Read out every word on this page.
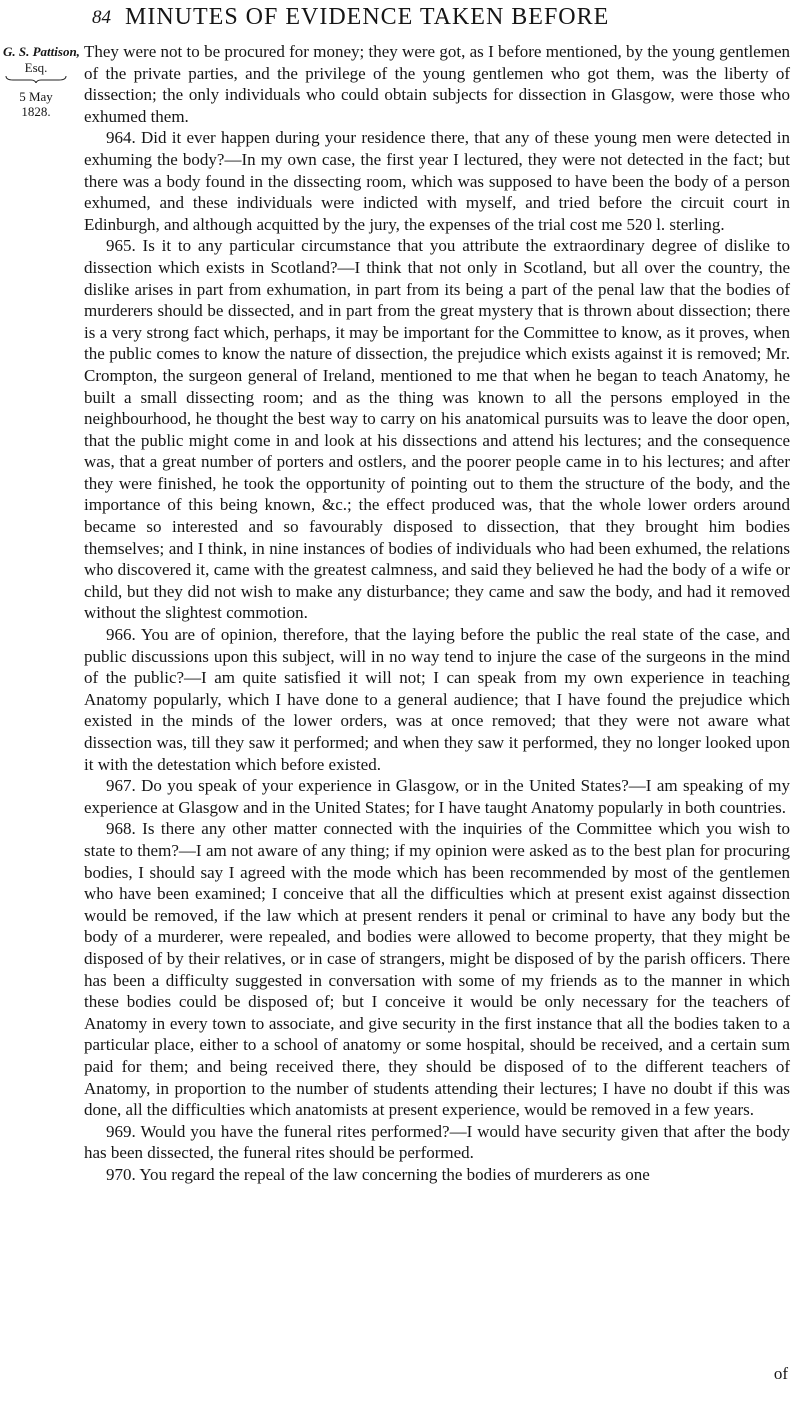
84 MINUTES OF EVIDENCE TAKEN BEFORE
G. S. Pattison,
Esq.
5 May
1828.

They were not to be procured for money; they were got, as I before mentioned, by the young gentlemen of the private parties, and the privilege of the young gentlemen who got them, was the liberty of dissection; the only individuals who could obtain subjects for dissection in Glasgow, were those who exhumed them.

964. Did it ever happen during your residence there, that any of these young men were detected in exhuming the body?—In my own case, the first year I lectured, they were not detected in the fact; but there was a body found in the dissecting room, which was supposed to have been the body of a person exhumed, and these individuals were indicted with myself, and tried before the circuit court in Edinburgh, and although acquitted by the jury, the expenses of the trial cost me 520 l. sterling.

965. Is it to any particular circumstance that you attribute the extraordinary degree of dislike to dissection which exists in Scotland?—I think that not only in Scotland, but all over the country, the dislike arises in part from exhumation, in part from its being a part of the penal law that the bodies of murderers should be dissected, and in part from the great mystery that is thrown about dissection; there is a very strong fact which, perhaps, it may be important for the Committee to know, as it proves, when the public comes to know the nature of dissection, the prejudice which exists against it is removed; Mr. Crompton, the surgeon general of Ireland, mentioned to me that when he began to teach Anatomy, he built a small dissecting room; and as the thing was known to all the persons employed in the neighbourhood, he thought the best way to carry on his anatomical pursuits was to leave the door open, that the public might come in and look at his dissections and attend his lectures; and the consequence was, that a great number of porters and ostlers, and the poorer people came in to his lectures; and after they were finished, he took the opportunity of pointing out to them the structure of the body, and the importance of this being known, &c.; the effect produced was, that the whole lower orders around became so interested and so favourably disposed to dissection, that they brought him bodies themselves; and I think, in nine instances of bodies of individuals who had been exhumed, the relations who discovered it, came with the greatest calmness, and said they believed he had the body of a wife or child, but they did not wish to make any disturbance; they came and saw the body, and had it removed without the slightest commotion.

966. You are of opinion, therefore, that the laying before the public the real state of the case, and public discussions upon this subject, will in no way tend to injure the case of the surgeons in the mind of the public?—I am quite satisfied it will not; I can speak from my own experience in teaching Anatomy popularly, which I have done to a general audience; that I have found the prejudice which existed in the minds of the lower orders, was at once removed; that they were not aware what dissection was, till they saw it performed; and when they saw it performed, they no longer looked upon it with the detestation which before existed.

967. Do you speak of your experience in Glasgow, or in the United States?—I am speaking of my experience at Glasgow and in the United States; for I have taught Anatomy popularly in both countries.

968. Is there any other matter connected with the inquiries of the Committee which you wish to state to them?—I am not aware of any thing; if my opinion were asked as to the best plan for procuring bodies, I should say I agreed with the mode which has been recommended by most of the gentlemen who have been examined; I conceive that all the difficulties which at present exist against dissection would be removed, if the law which at present renders it penal or criminal to have any body but the body of a murderer, were repealed, and bodies were allowed to become property, that they might be disposed of by their relatives, or in case of strangers, might be disposed of by the parish officers. There has been a difficulty suggested in conversation with some of my friends as to the manner in which these bodies could be disposed of; but I conceive it would be only necessary for the teachers of Anatomy in every town to associate, and give security in the first instance that all the bodies taken to a particular place, either to a school of anatomy or some hospital, should be received, and a certain sum paid for them; and being received there, they should be disposed of to the different teachers of Anatomy, in proportion to the number of students attending their lectures; I have no doubt if this was done, all the difficulties which anatomists at present experience, would be removed in a few years.

969. Would you have the funeral rites performed?—I would have security given that after the body has been dissected, the funeral rites should be performed.

970. You regard the repeal of the law concerning the bodies of murderers as one

of
